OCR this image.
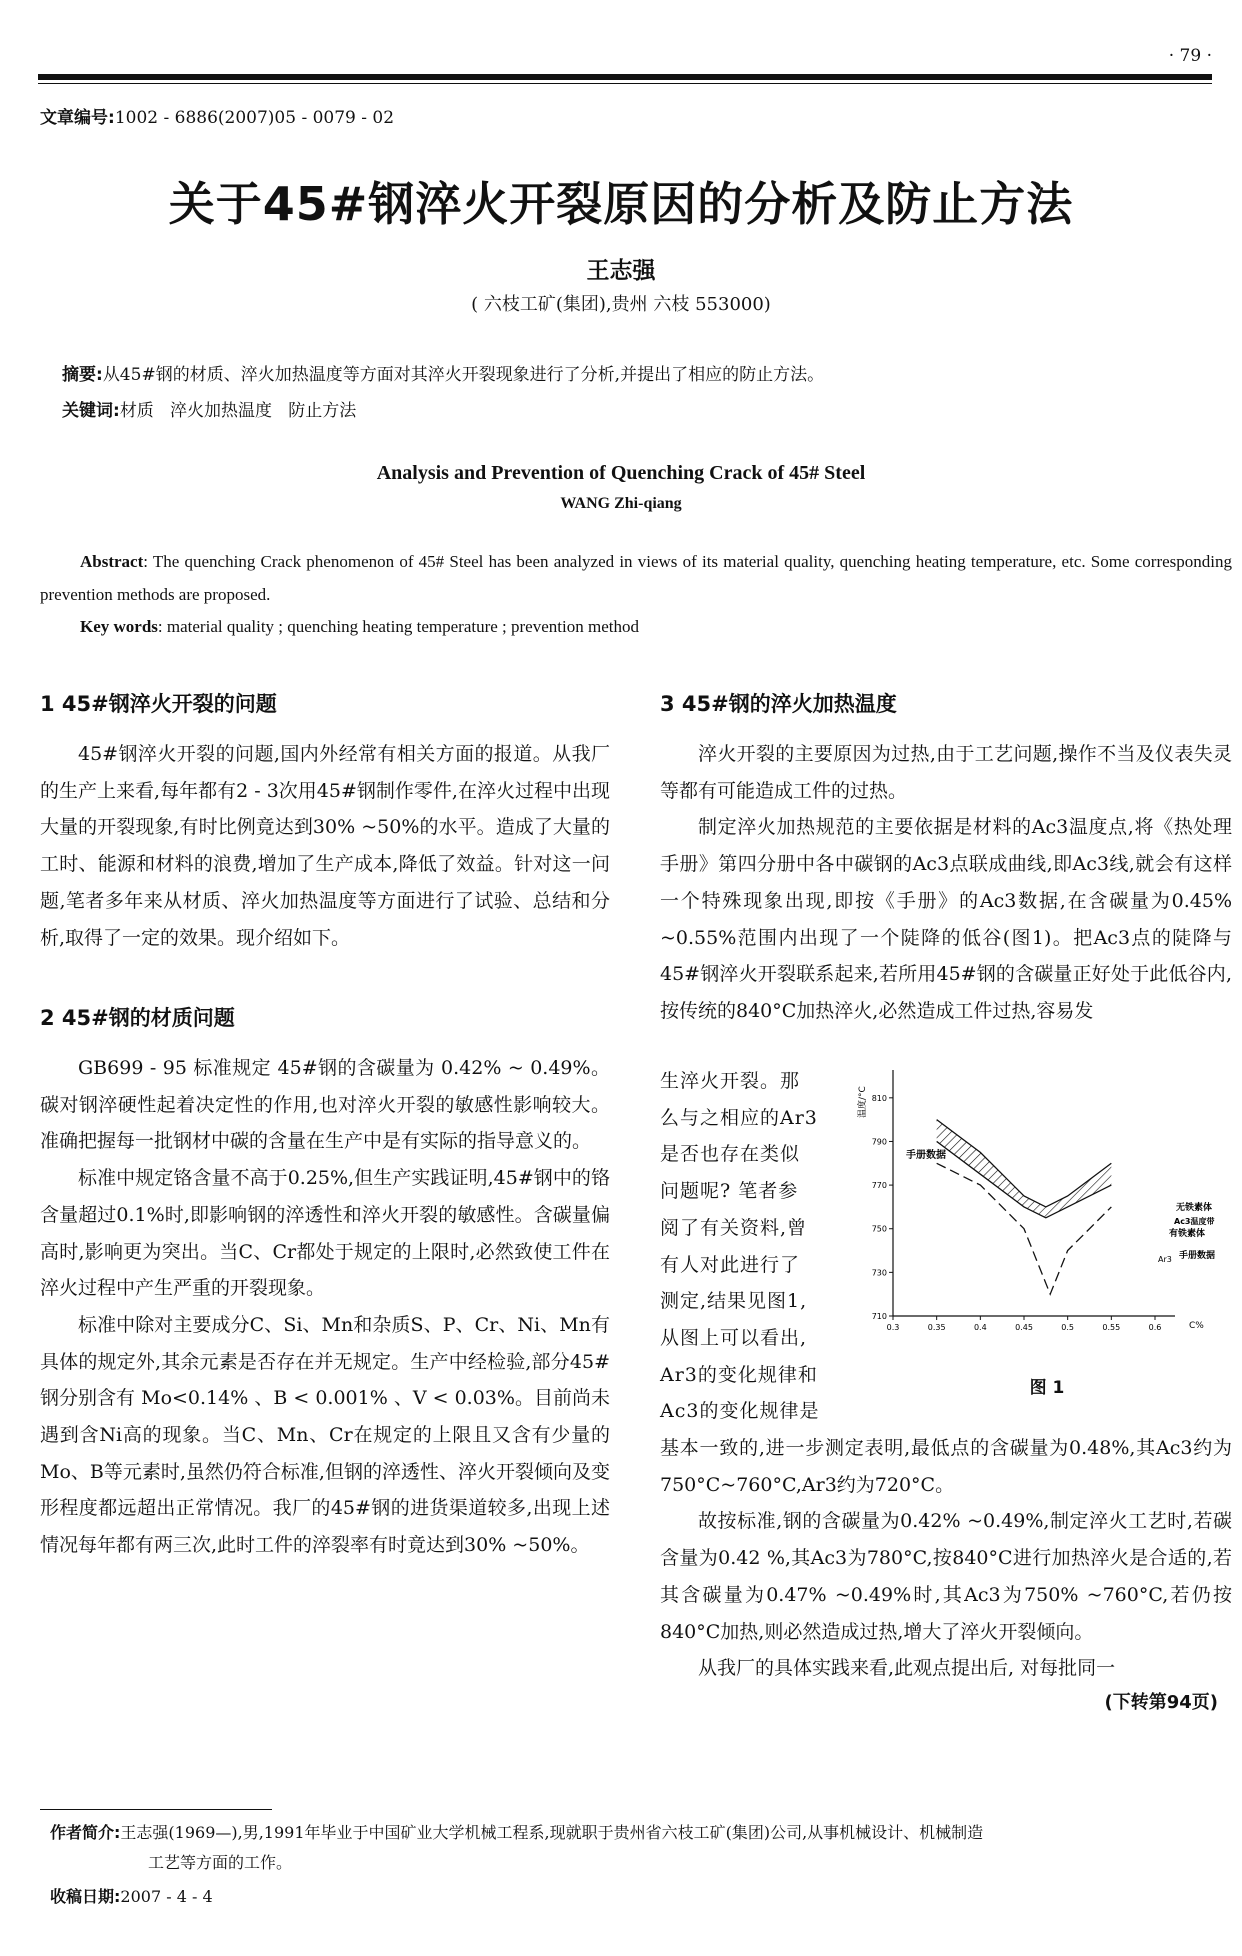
· 79 ·
文章编号:1002 - 6886(2007)05 - 0079 - 02
关于45#钢淬火开裂原因的分析及防止方法
王志强
( 六枝工矿(集团),贵州 六枝 553000)
摘要:从45#钢的材质、淬火加热温度等方面对其淬火开裂现象进行了分析,并提出了相应的防止方法。
关键词:材质   淬火加热温度   防止方法
Analysis and Prevention of Quenching Crack of 45# Steel
WANG Zhi-qiang
Abstract: The quenching Crack phenomenon of 45# Steel has been analyzed in views of its material quality, quenching heating temperature, etc. Some corresponding prevention methods are proposed.
Key words: material quality ; quenching heating temperature ; prevention method
1 45#钢淬火开裂的问题

45#钢淬火开裂的问题,国内外经常有相关方面的报道。从我厂的生产上来看,每年都有2 - 3次用45#钢制作零件,在淬火过程中出现大量的开裂现象,有时比例竟达到30% ~50%的水平。造成了大量的工时、能源和材料的浪费,增加了生产成本,降低了效益。针对这一问题,笔者多年来从材质、淬火加热温度等方面进行了试验、总结和分析,取得了一定的效果。现介绍如下。

2 45#钢的材质问题

GB699 - 95 标准规定 45#钢的含碳量为 0.42% ~ 0.49%。碳对钢淬硬性起着决定性的作用,也对淬火开裂的敏感性影响较大。准确把握每一批钢材中碳的含量在生产中是有实际的指导意义的。

标准中规定铬含量不高于0.25%,但生产实践证明,45#钢中的铬含量超过0.1%时,即影响钢的淬透性和淬火开裂的敏感性。含碳量偏高时,影响更为突出。当C、Cr都处于规定的上限时,必然致使工件在淬火过程中产生严重的开裂现象。

标准中除对主要成分C、Si、Mn和杂质S、P、Cr、Ni、Mn有具体的规定外,其余元素是否存在并无规定。生产中经检验,部分45#钢分别含有 Mo<0.14% 、B < 0.001% 、V < 0.03%。目前尚未遇到含Ni高的现象。当C、Mn、Cr在规定的上限且又含有少量的Mo、B等元素时,虽然仍符合标准,但钢的淬透性、淬火开裂倾向及变形程度都远超出正常情况。我厂的45#钢的进货渠道较多,出现上述情况每年都有两三次,此时工件的淬裂率有时竟达到30% ~50%。

3 45#钢的淬火加热温度

淬火开裂的主要原因为过热,由于工艺问题,操作不当及仪表失灵等都有可能造成工件的过热。

制定淬火加热规范的主要依据是材料的Ac3温度点,将《热处理手册》第四分册中各中碳钢的Ac3点联成曲线,即Ac3线,就会有这样一个特殊现象出现,即按《手册》的Ac3数据,在含碳量为0.45% ~0.55%范围内出现了一个陡降的低谷(图1)。把Ac3点的陡降与45#钢淬火开裂联系起来,若所用45#钢的含碳量正好处于此低谷内,按传统的840°C加热淬火,必然造成工件过热,容易发

生淬火开裂。那
么与之相应的Ar3
是否也存在类似
问题呢? 笔者参
阅了有关资料,曾
有人对此进行了
测定,结果见图1,
从图上可以看出,
Ar3的变化规律和
Ac3的变化规律是
710
730
750
770
790
810
0.3	0.35	0.4	0.45	0.5	0.55	0.6
温度/°C
手册数据
无铁素体
Ac3温度带
有铁素体
Ar3 手册数据
C%
图 1

基本一致的,进一步测定表明,最低点的含碳量为0.48%,其Ac3约为750°C~760°C,Ar3约为720°C。

故按标准,钢的含碳量为0.42% ~0.49%,制定淬火工艺时,若碳含量为0.42 %,其Ac3为780°C,按840°C进行加热淬火是合适的,若其含碳量为0.47% ~0.49%时,其Ac3为750% ~760°C,若仍按840°C加热,则必然造成过热,增大了淬火开裂倾向。

从我厂的具体实践来看,此观点提出后, 对每批同一

(下转第94页)
作者简介:王志强(1969—),男,1991年毕业于中国矿业大学机械工程系,现就职于贵州省六枝工矿(集团)公司,从事机械设计、机械制造
工艺等方面的工作。
收稿日期:2007 - 4 - 4
